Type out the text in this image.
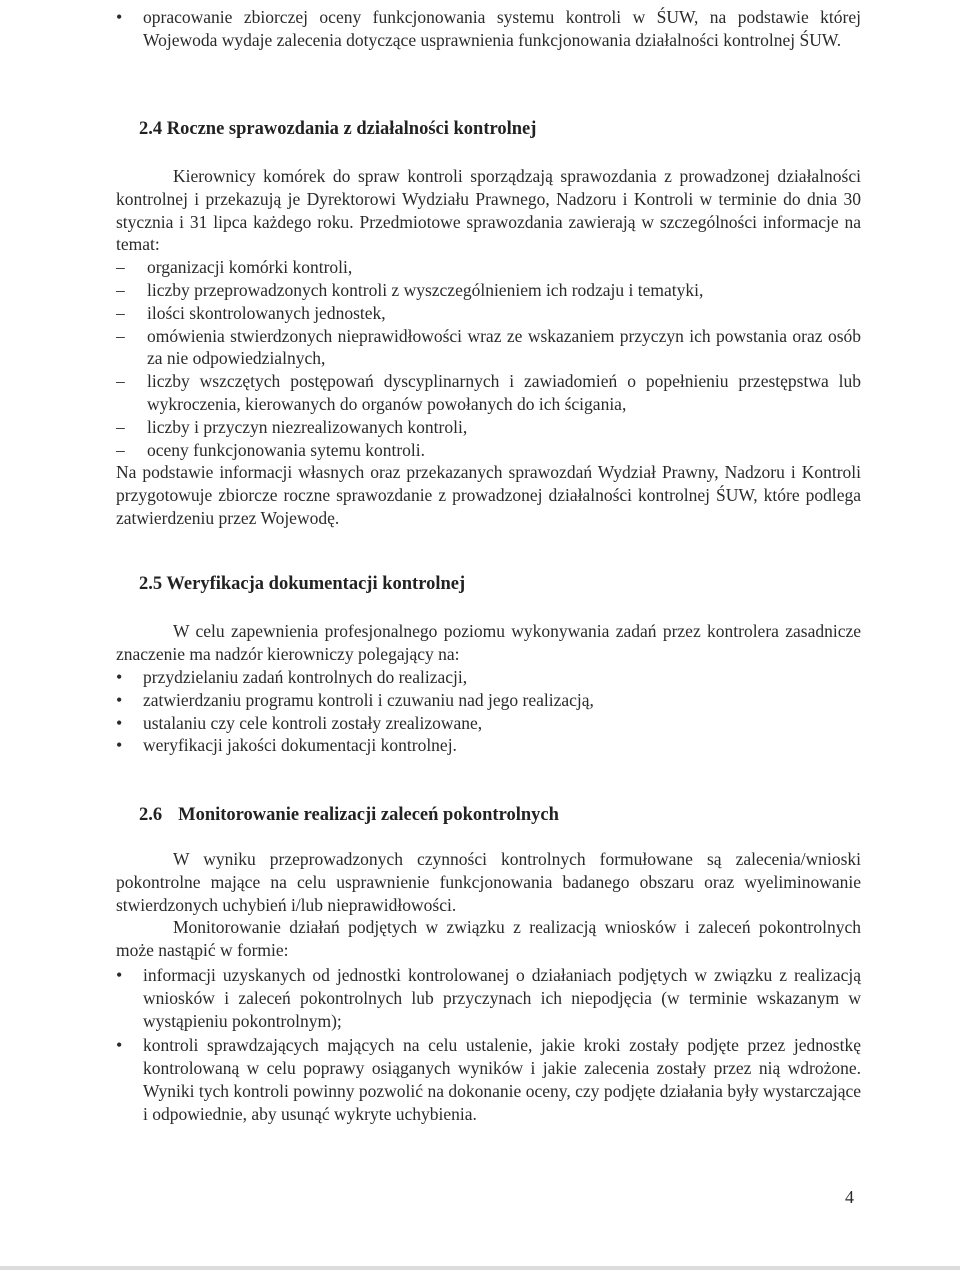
• opracowanie zbiorczej oceny funkcjonowania systemu kontroli w ŚUW, na podstawie której Wojewoda wydaje zalecenia dotyczące usprawnienia funkcjonowania działalności kontrolnej ŚUW.
2.4 Roczne sprawozdania z działalności kontrolnej

Kierownicy komórek do spraw kontroli sporządzają sprawozdania z prowadzonej działalności kontrolnej i przekazują je Dyrektorowi Wydziału Prawnego, Nadzoru i Kontroli w terminie do dnia 30 stycznia i 31 lipca każdego roku. Przedmiotowe sprawozdania zawierają w szczególności informacje na temat:

– organizacji komórki kontroli,
– liczby przeprowadzonych kontroli z wyszczególnieniem ich rodzaju i tematyki,
– ilości skontrolowanych jednostek,
– omówienia stwierdzonych nieprawidłowości wraz ze wskazaniem przyczyn ich powstania oraz osób za nie odpowiedzialnych,
– liczby wszczętych postępowań dyscyplinarnych i zawiadomień o popełnieniu przestępstwa lub wykroczenia, kierowanych do organów powołanych do ich ścigania,
– liczby i przyczyn niezrealizowanych kontroli,
– oceny funkcjonowania sytemu kontroli.

Na podstawie informacji własnych oraz przekazanych sprawozdań Wydział Prawny, Nadzoru i Kontroli przygotowuje zbiorcze roczne sprawozdanie z prowadzonej działalności kontrolnej ŚUW, które podlega zatwierdzeniu przez Wojewodę.

2.5 Weryfikacja dokumentacji kontrolnej

W celu zapewnienia profesjonalnego poziomu wykonywania zadań przez kontrolera zasadnicze znaczenie ma nadzór kierowniczy polegający na:

• przydzielaniu zadań kontrolnych do realizacji,
• zatwierdzaniu programu kontroli i czuwaniu nad jego realizacją,
• ustalaniu czy cele kontroli zostały zrealizowane,
• weryfikacji jakości dokumentacji kontrolnej.
2.6 Monitorowanie realizacji zaleceń pokontrolnych

W wyniku przeprowadzonych czynności kontrolnych formułowane są zalecenia/wnioski pokontrolne mające na celu usprawnienie funkcjonowania badanego obszaru oraz wyeliminowanie stwierdzonych uchybień i/lub nieprawidłowości.

Monitorowanie działań podjętych w związku z realizacją wniosków i zaleceń pokontrolnych może nastąpić w formie:

• informacji uzyskanych od jednostki kontrolowanej o działaniach podjętych w związku z realizacją wniosków i zaleceń pokontrolnych lub przyczynach ich niepodjęcia (w terminie wskazanym w wystąpieniu pokontrolnym);
• kontroli sprawdzających mających na celu ustalenie, jakie kroki zostały podjęte przez jednostkę kontrolowaną w celu poprawy osiąganych wyników i jakie zalecenia zostały przez nią wdrożone. Wyniki tych kontroli powinny pozwolić na dokonanie oceny, czy podjęte działania były wystarczające i odpowiednie, aby usunąć wykryte uchybienia.
4
